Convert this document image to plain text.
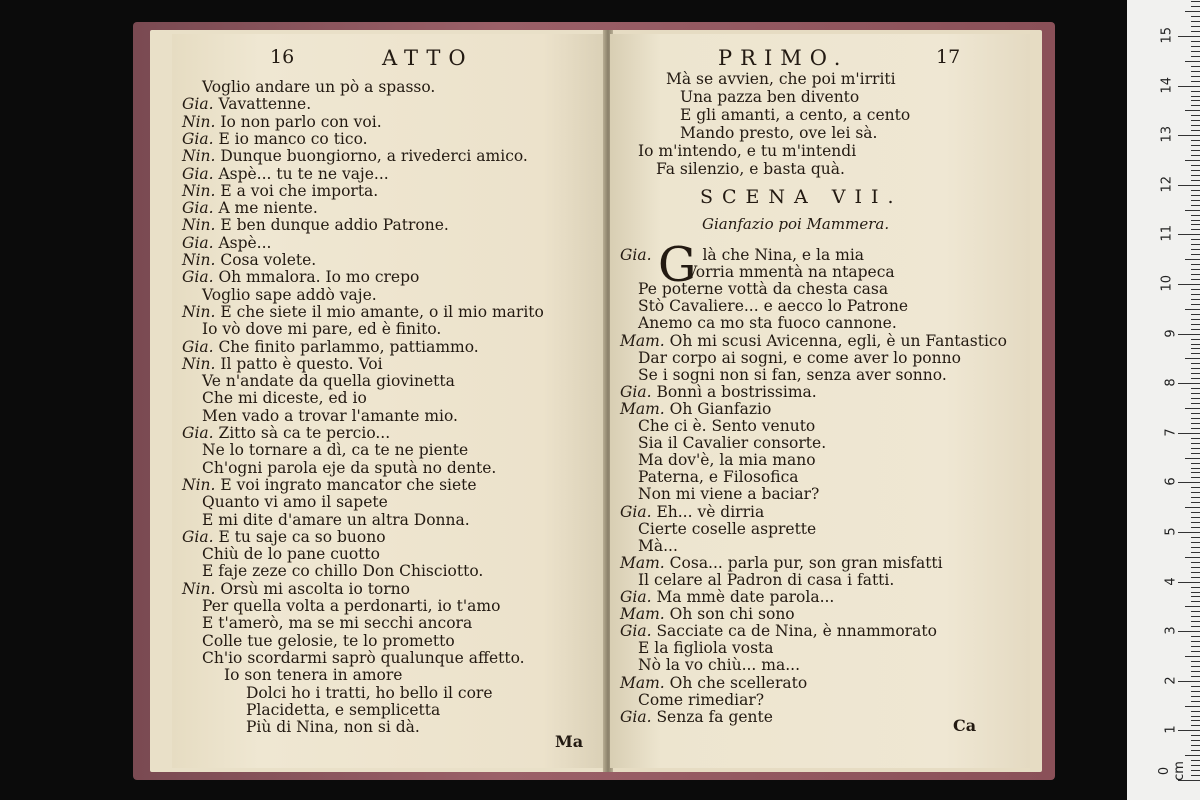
16	ATTO
Voglio andare un pò a spasso.
Gia. Vavattenne.
Nin. Io non parlo con voi.
Gia. E io manco co tico.
Nin. Dunque buongiorno, a rivederci amico.
Gia. Aspè... tu te ne vaje...
Nin. E a voi che importa.
Gia. A me niente.
Nin. E ben dunque addio Patrone.
Gia. Aspè...
Nin. Cosa volete.
Gia. Oh mmalora. Io mo crepo
Voglio sape addò vaje.
Nin. E che siete il mio amante, o il mio marito
Io vò dove mi pare, ed è finito.
Gia. Che finito parlammo, pattiammo.
Nin. Il patto è questo. Voi
Ve n'andate da quella giovinetta
Che mi diceste, ed io
Men vado a trovar l'amante mio.
Gia. Zitto sà ca te percio...
Ne lo tornare a dì, ca te ne piente
Ch'ogni parola eje da sputà no dente.
Nin. E voi ingrato mancator che siete
Quanto vi amo il sapete
E mi dite d'amare un altra Donna.
Gia. E tu saje ca so buono
Chiù de lo pane cuotto
E faje zeze co chillo Don Chisciotto.
Nin. Orsù mi ascolta io torno
Per quella volta a perdonarti, io t'amo
E t'amerò, ma se mi secchi ancora
Colle tue gelosie, te lo prometto
Ch'io scordarmi saprò qualunque affetto.
Io son tenera in amore
Dolci ho i tratti, ho bello il core
Placidetta, e semplicetta
Più di Nina, non si dà.
Ma
PRIMO.	17
Mà se avvien, che poi m'irriti
Una pazza ben divento
E gli amanti, a cento, a cento
Mando presto, ove lei sà.
Io m'intendo, e tu m'intendi
Fa silenzio, e basta quà.
SCENA VII.
Gianfazio poi Mammera.
G
Gia.	là che Nina, e la mia
Vorria mmentà na ntapeca
Pe poterne vottà da chesta casa
Stò Cavaliere... e aecco lo Patrone
Anemo ca mo sta fuoco cannone.
Mam. Oh mi scusi Avicenna, egli, è un Fantastico
Dar corpo ai sogni, e come aver lo ponno
Se i sogni non si fan, senza aver sonno.
Gia. Bonnì a bostrissima.
Mam. Oh Gianfazio
Che ci è. Sento venuto
Sia il Cavalier consorte.
Ma dov'è, la mia mano
Paterna, e Filosofica
Non mi viene a baciar?
Gia. Eh... vè dirria
Cierte coselle asprette
Mà...
Mam. Cosa... parla pur, son gran misfatti
Il celare al Padron di casa i fatti.
Gia. Ma mmè date parola...
Mam. Oh son chi sono
Gia. Sacciate ca de Nina, è nnammorato
E la figliola vosta
Nò la vo chiù... ma...
Mam. Oh che scellerato
Come rimediar?
Gia. Senza fa gente	Ca	1
2
3
4
5
6
7
8
9
10
11
12
13
14
15
0 cm
